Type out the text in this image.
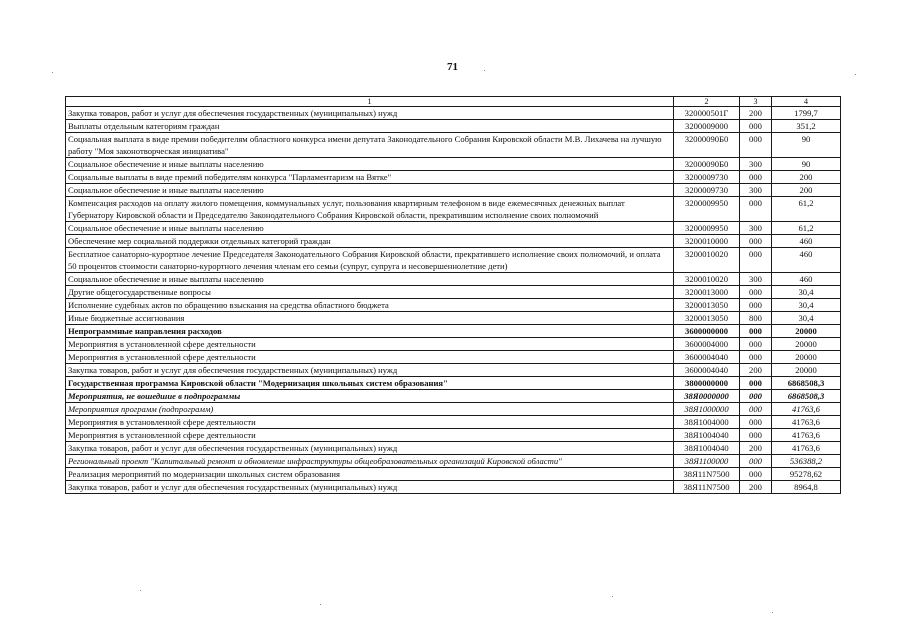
71
1	2	3	4
Закупка товаров, работ и услуг для обеспечения государственных (муниципальных) нужд	320000501Г	200	1799,7
Выплаты отдельным категориям граждан	3200009000	000	351,2
Социальная выплата в виде премии победителям областного конкурса имени депутата Законодательного Собрания Кировской области М.В. Лихачева на лучшую работу "Моя законотворческая инициатива"	32000090Б0	000	90
Социальное обеспечение и иные выплаты населению	32000090Б0	300	90
Социальные выплаты в виде премий победителям конкурса "Парламентаризм на Вятке"	3200009730	000	200
Социальное обеспечение и иные выплаты населению	3200009730	300	200
Компенсация расходов на оплату жилого помещения, коммунальных услуг, пользования квартирным телефоном в виде ежемесячных денежных выплат Губернатору Кировской области и Председателю Законодательного Собрания Кировской области, прекратившим исполнение своих полномочий	3200009950	000	61,2
Социальное обеспечение и иные выплаты населению	3200009950	300	61,2
Обеспечение мер социальной поддержки отдельных категорий граждан	3200010000	000	460
Бесплатное санаторно-курортное лечение Председателя Законодательного Собрания Кировской области, прекратившего исполнение своих полномочий, и оплата 50 процентов стоимости санаторно-курортного лечения членам его семьи (супруг, супруга и несовершеннолетние дети)	3200010020	000	460
Социальное обеспечение и иные выплаты населению	3200010020	300	460
Другие общегосударственные вопросы	3200013000	000	30,4
Исполнение судебных актов по обращению взыскания на средства областного бюджета	3200013050	000	30,4
Иные бюджетные ассигнования	3200013050	800	30,4
Непрограммные направления расходов	3600000000	000	20000
Мероприятия в установленной сфере деятельности	3600004000	000	20000
Мероприятия в установленной сфере деятельности	3600004040	000	20000
Закупка товаров, работ и услуг для обеспечения государственных (муниципальных) нужд	3600004040	200	20000
Государственная программа Кировской области "Модернизация школьных систем образования"	3800000000	000	6868508,3
Мероприятия, не вошедшие в подпрограммы	38Я0000000	000	6868508,3
Мероприятия программ (подпрограмм)	38Я1000000	000	41763,6
Мероприятия в установленной сфере деятельности	38Я1004000	000	41763,6
Мероприятия в установленной сфере деятельности	38Я1004040	000	41763,6
Закупка товаров, работ и услуг для обеспечения государственных (муниципальных) нужд	38Я1004040	200	41763,6
Региональный проект "Капитальный ремонт и обновление инфраструктуры общеобразовательных организаций Кировской области"	38Я1100000	000	536388,2
Реализация мероприятий по модернизации школьных систем образования	38Я11N7500	000	95278,62
Закупка товаров, работ и услуг для обеспечения государственных (муниципальных) нужд	38Я11N7500	200	8964,8
